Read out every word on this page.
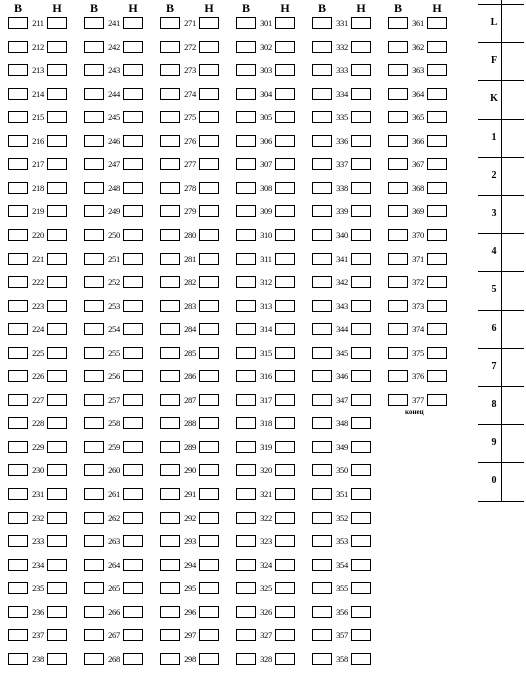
В	Н
211
212
213
214
215
216
217
218
219
220
221
222
223
224
225
226
227
228
229
230
231
232
233
234
235
236
237
238
В	Н
241
242
243
244
245
246
247
248
249
250
251
252
253
254
255
256
257
258
259
260
261
262
263
264
265
266
267
268
В	Н
271
272
273
274
275
276
277
278
279
280
281
282
283
284
285
286
287
288
289
290
291
292
293
294
295
296
297
298
В	Н
301
302
303
304
305
306
307
308
309
310
311
312
313
314
315
316
317
318
319
320
321
322
323
324
325
326
327
328
В	Н
331
332
333
334
335
336
337
338
339
340
341
342
343
344
345
346
347
348
349
350
351
352
353
354
355
356
357
358
В	Н
361
362
363
364
365
366
367
368
369
370
371
372
373
374
375
376
377
конец
L
F
K
1
2
3
4
5
6
7
8
9
0
